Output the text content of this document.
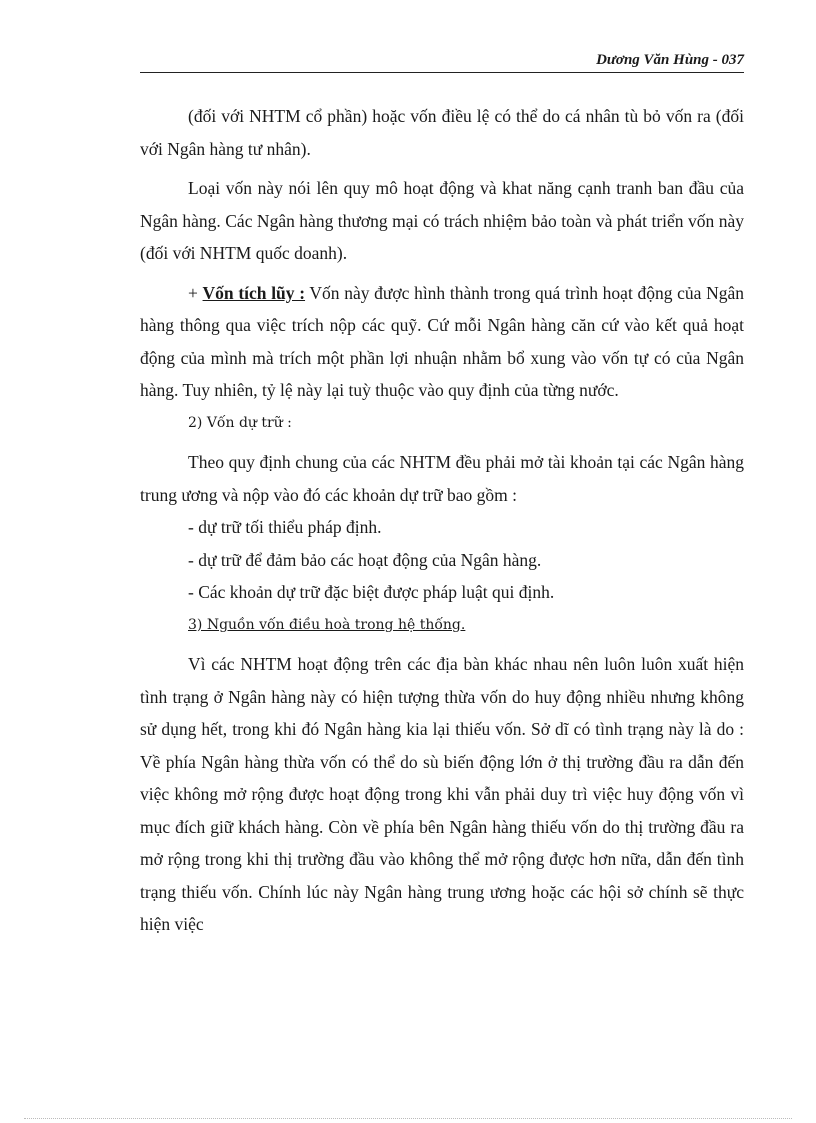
Dương Văn Hùng - 037

(đối với NHTM cổ phần) hoặc vốn điều lệ có thể do cá nhân tù bỏ vốn ra (đối với Ngân hàng tư nhân).

Loại vốn này nói lên quy mô hoạt động và khat năng cạnh tranh ban đầu của Ngân hàng. Các Ngân hàng thương mại có trách nhiệm bảo toàn và phát triển vốn này (đối với NHTM quốc doanh).

+ Vốn tích lũy : Vốn này được hình thành trong quá trình hoạt động của Ngân hàng thông qua việc trích nộp các quỹ. Cứ mỗi Ngân hàng căn cứ vào kết quả hoạt động của mình mà trích một phần lợi nhuận nhằm bổ xung vào vốn tự có của Ngân hàng. Tuy nhiên, tỷ lệ này lại tuỳ thuộc vào quy định của từng nước.

2) Vốn dự trữ :

Theo quy định chung của các NHTM đều phải mở tài khoản tại các Ngân hàng trung ương và nộp vào đó các khoản dự trữ bao gồm :

- dự trữ tối thiểu pháp định.

- dự trữ để đảm bảo các hoạt động của Ngân hàng.

- Các khoản dự trữ đặc biệt được pháp luật qui định.

3) Nguồn vốn điều hoà trong hệ thống.

Vì các NHTM hoạt động trên các địa bàn khác nhau nên luôn luôn xuất hiện tình trạng ở Ngân hàng này có hiện tượng thừa vốn do huy động nhiều nhưng không sử dụng hết, trong khi đó Ngân hàng kia lại thiếu vốn. Sở dĩ có tình trạng này là do : Về phía Ngân hàng thừa vốn có thể do sù biến động lớn ở thị trường đầu ra dẫn đến việc không mở rộng được hoạt động trong khi vẫn phải duy trì việc huy động vốn vì mục đích giữ khách hàng. Còn về phía bên Ngân hàng thiếu vốn do thị trường đầu ra mở rộng trong khi thị trường đầu vào không thể mở rộng được hơn nữa, dẫn đến tình trạng thiếu vốn. Chính lúc này Ngân hàng trung ương hoặc các hội sở chính sẽ thực hiện việc
